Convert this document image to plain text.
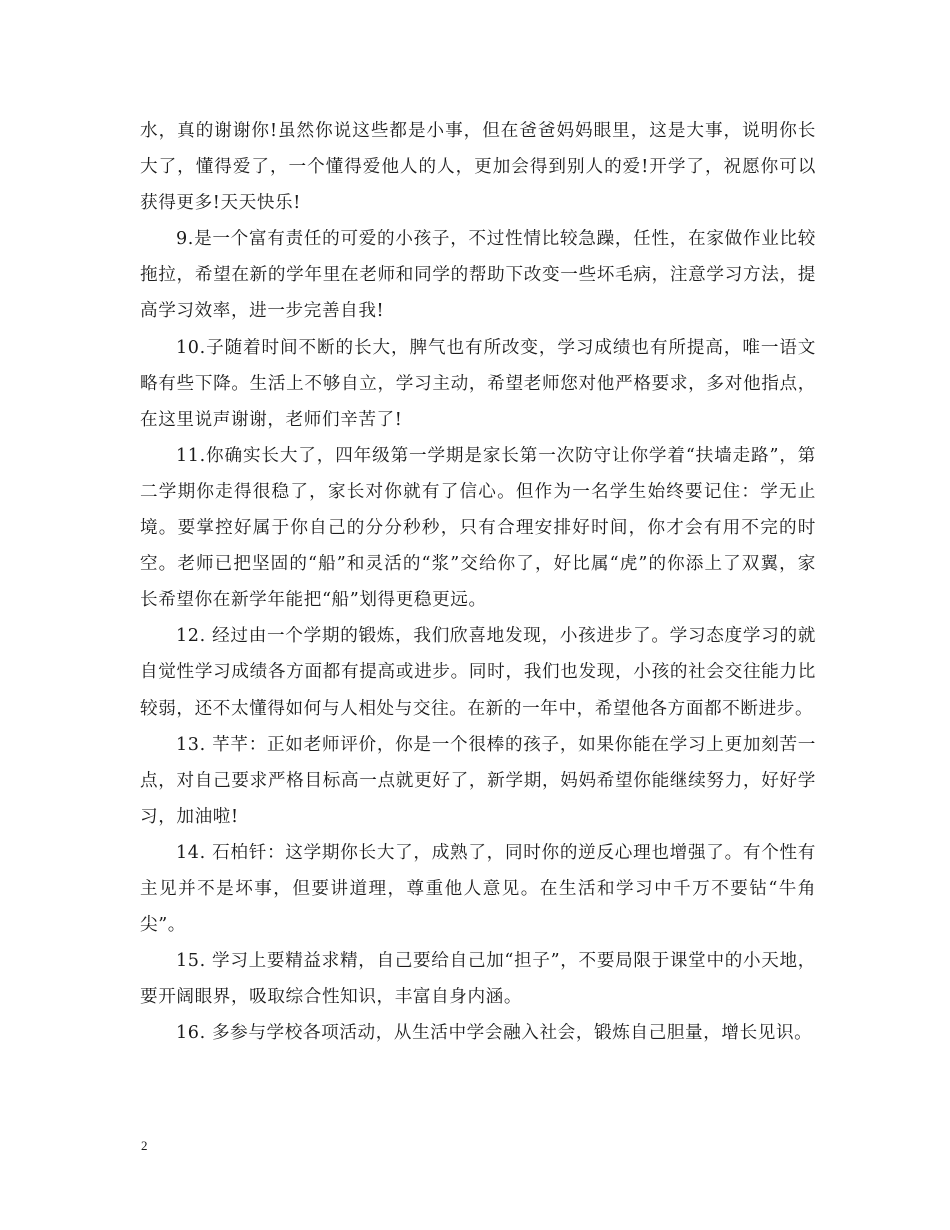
水，真的谢谢你!虽然你说这些都是小事，但在爸爸妈妈眼里，这是大事，说明你长大了，懂得爱了，一个懂得爱他人的人，更加会得到别人的爱!开学了，祝愿你可以获得更多!天天快乐!

9.是一个富有责任的可爱的小孩子，不过性情比较急躁，任性，在家做作业比较拖拉，希望在新的学年里在老师和同学的帮助下改变一些坏毛病，注意学习方法，提高学习效率，进一步完善自我!

10.子随着时间不断的长大，脾气也有所改变，学习成绩也有所提高，唯一语文略有些下降。生活上不够自立，学习主动，希望老师您对他严格要求，多对他指点，在这里说声谢谢，老师们辛苦了!

11.你确实长大了，四年级第一学期是家长第一次防守让你学着“扶墙走路”，第二学期你走得很稳了，家长对你就有了信心。但作为一名学生始终要记住：学无止境。要掌控好属于你自己的分分秒秒，只有合理安排好时间，你才会有用不完的时空。老师已把坚固的“船”和灵活的“浆”交给你了，好比属“虎”的你添上了双翼，家长希望你在新学年能把“船”划得更稳更远。

12. 经过由一个学期的锻炼，我们欣喜地发现，小孩进步了。学习态度学习的就自觉性学习成绩各方面都有提高或进步。同时，我们也发现，小孩的社会交往能力比较弱，还不太懂得如何与人相处与交往。在新的一年中，希望他各方面都不断进步。

13. 芊芊：正如老师评价，你是一个很棒的孩子，如果你能在学习上更加刻苦一点，对自己要求严格目标高一点就更好了，新学期，妈妈希望你能继续努力，好好学习，加油啦!

14. 石柏钎：这学期你长大了，成熟了，同时你的逆反心理也增强了。有个性有主见并不是坏事，但要讲道理，尊重他人意见。在生活和学习中千万不要钻“牛角尖”。

15. 学习上要精益求精，自己要给自己加“担子”，不要局限于课堂中的小天地，要开阔眼界，吸取综合性知识，丰富自身内涵。

16. 多参与学校各项活动，从生活中学会融入社会，锻炼自己胆量，增长见识。

2
